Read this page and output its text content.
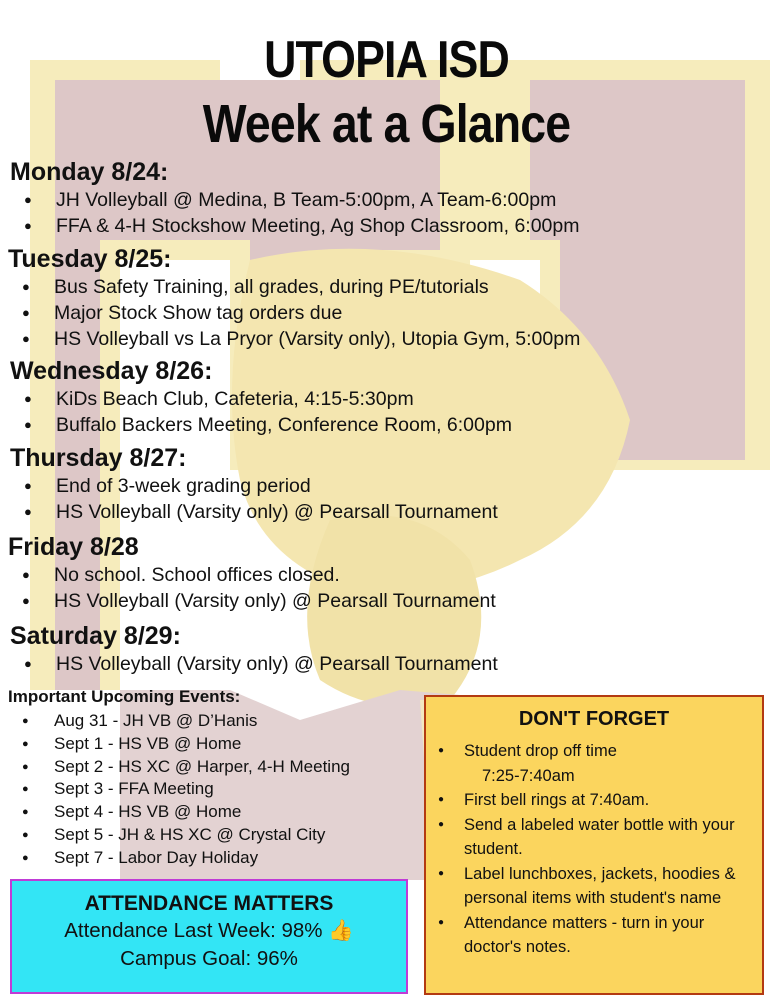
UTOPIA ISD
Week at a Glance
Monday 8/24:
● JH Volleyball @ Medina, B Team-5:00pm, A Team-6:00pm
● FFA & 4-H Stockshow Meeting, Ag Shop Classroom, 6:00pm
Tuesday 8/25:
● Bus Safety Training, all grades, during PE/tutorials
● Major Stock Show tag orders due
● HS Volleyball vs La Pryor (Varsity only), Utopia Gym, 5:00pm
Wednesday 8/26:
● KiDs Beach Club, Cafeteria, 4:15-5:30pm
● Buffalo Backers Meeting, Conference Room, 6:00pm
Thursday 8/27:
● End of 3-week grading period
● HS Volleyball (Varsity only) @ Pearsall Tournament
Friday 8/28
● No school. School offices closed.
● HS Volleyball (Varsity only) @ Pearsall Tournament
Saturday 8/29:
● HS Volleyball (Varsity only) @ Pearsall Tournament
Important Upcoming Events:
● Aug 31 - JH VB @ D’Hanis
● Sept 1 - HS VB @ Home
● Sept 2 - HS XC @ Harper, 4-H Meeting
● Sept 3 - FFA Meeting
● Sept 4 - HS VB @ Home
● Sept 5 - JH & HS XC @ Crystal City
● Sept 7 - Labor Day Holiday
ATTENDANCE MATTERS
Attendance Last Week: 98% 👍
Campus Goal: 96%
DON'T FORGET
● Student drop off time
7:25-7:40am
● First bell rings at 7:40am.
● Send a labeled water bottle with your student.
● Label lunchboxes, jackets, hoodies & personal items with student's name
● Attendance matters - turn in your doctor's notes.
